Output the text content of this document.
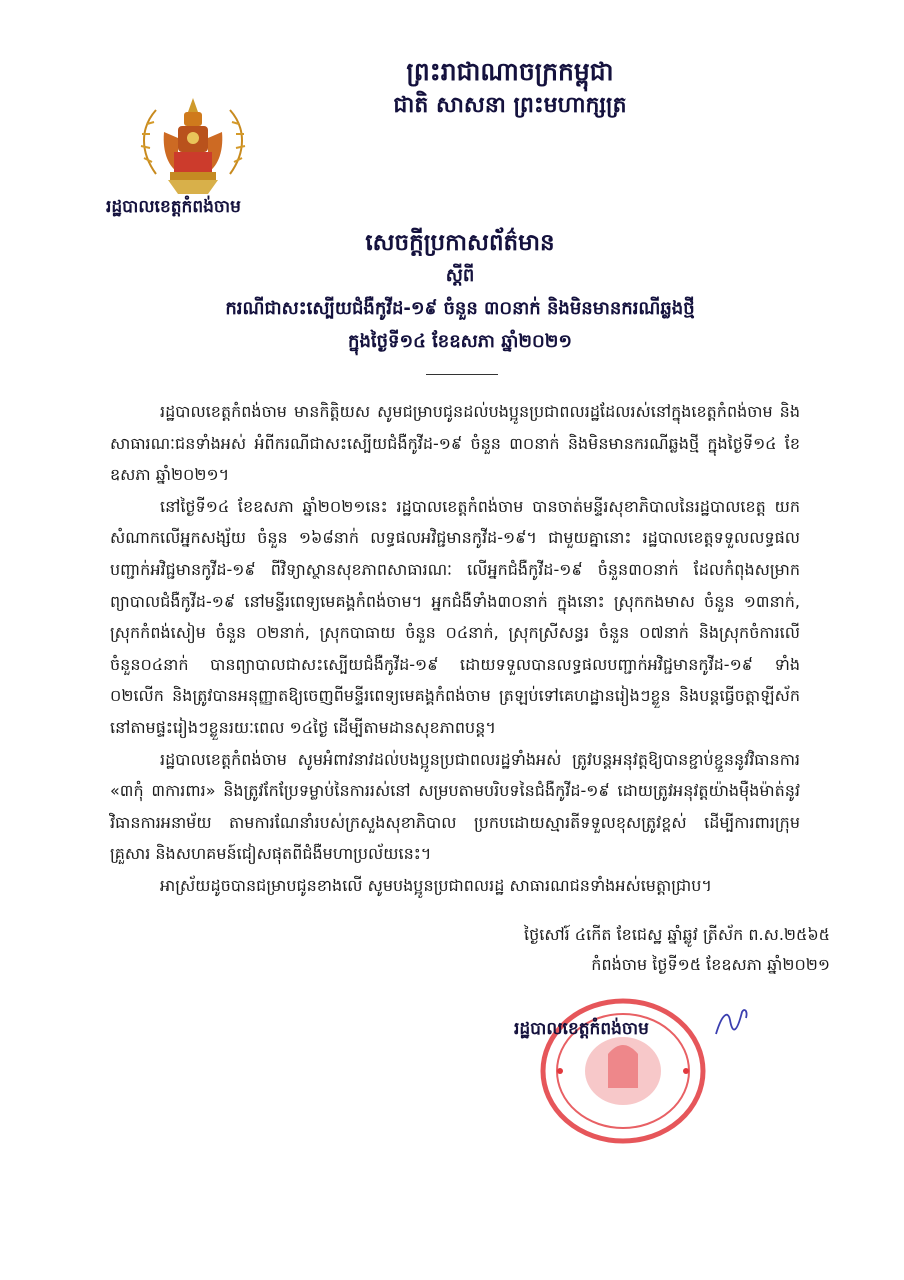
ព្រះរាជាណាចក្រកម្ពុជា
ជាតិ សាសនា ព្រះមហាក្សត្រ
រដ្ឋបាលខេត្តកំពង់ចាម
សេចក្តីប្រកាសព័ត៌មាន
ស្តីពី
ករណីជាសះស្បើយជំងឺកូវីដ-១៩ ចំនួន ៣០នាក់ និងមិនមានករណីឆ្លងថ្មី
ក្នុងថ្ងៃទី១៤ ខែឧសភា ឆ្នាំ២០២១

រដ្ឋបាលខេត្តកំពង់ចាម មានកិត្តិយស សូមជម្រាបជូនដល់បងប្អូនប្រជាពលរដ្ឋដែលរស់នៅក្នុងខេត្តកំពង់ចាម និងសាធារណៈជនទាំងអស់ អំពីករណីជាសះស្បើយជំងឺកូវីដ-១៩ ចំនួន ៣០នាក់ និងមិនមានករណីឆ្លងថ្មី ក្នុងថ្ងៃទី១៤ ខែឧសភា ឆ្នាំ២០២១។

នៅថ្ងៃទី១៤ ខែឧសភា ឆ្នាំ២០២១នេះ រដ្ឋបាលខេត្តកំពង់ចាម បានចាត់មន្ទីរសុខាភិបាលនៃរដ្ឋបាលខេត្ត យកសំណាកលើអ្នកសង្ស័យ ចំនួន ១៦៨នាក់ លទ្ធផលអវិជ្ជមានកូវីដ-១៩។ ជាមួយគ្នានោះ រដ្ឋបាលខេត្តទទួលលទ្ធផលបញ្ជាក់អវិជ្ជមានកូវីដ-១៩ ពីវិទ្យាស្ថានសុខភាពសាធារណៈ លើអ្នកជំងឺកូវីដ-១៩ ចំនួន៣០នាក់ ដែលកំពុងសម្រាកព្យាបាលជំងឺកូវីដ-១៩ នៅមន្ទីរពេទ្យមេគង្គកំពង់ចាម។ អ្នកជំងឺទាំង៣០នាក់ ក្នុងនោះ ស្រុកកងមាស ចំនួន ១៣នាក់, ស្រុកកំពង់សៀម ចំនួន ០២នាក់, ស្រុកបាធាយ ចំនួន ០៤នាក់, ស្រុកស្រីសន្ធរ ចំនួន ០៧នាក់ និងស្រុកចំការលើ ចំនួន០៤នាក់ បានព្យាបាលជាសះស្បើយជំងឺកូវីដ-១៩ ដោយទទួលបានលទ្ធផលបញ្ជាក់អវិជ្ជមានកូវីដ-១៩ ទាំង ០២លើក និងត្រូវបានអនុញ្ញាតឱ្យចេញពីមន្ទីរពេទ្យមេគង្គកំពង់ចាម ត្រឡប់ទៅគេហដ្ឋានរៀងៗខ្លួន និងបន្តធ្វើចត្តាឡីស័កនៅតាមផ្ទះរៀងៗខ្លួនរយៈពេល ១៤ថ្ងៃ ដើម្បីតាមដានសុខភាពបន្ត។

រដ្ឋបាលខេត្តកំពង់ចាម សូមអំពាវនាវដល់បងប្អូនប្រជាពលរដ្ឋទាំងអស់ ត្រូវបន្តអនុវត្តឱ្យបានខ្ជាប់ខ្ជួននូវវិធានការ «៣កុំ ៣ការពារ» និងត្រូវកែប្រែទម្លាប់នៃការរស់នៅ សម្របតាមបរិបទនៃជំងឺកូវីដ-១៩ ដោយត្រូវអនុវត្តយ៉ាងម៉ឺងម៉ាត់នូវវិធានការអនាម័យ តាមការណែនាំរបស់ក្រសួងសុខាភិបាល ប្រកបដោយស្មារតីទទួលខុសត្រូវខ្ពស់ ដើម្បីការពារក្រុមគ្រួសារ និងសហគមន៍ជៀសផុតពីជំងឺមហាប្រល័យនេះ។

អាស្រ័យដូចបានជម្រាបជូនខាងលើ សូមបងប្អូនប្រជាពលរដ្ឋ សាធារណជនទាំងអស់មេត្តាជ្រាប។

ថ្ងៃសៅរ៍ ៤កើត ខែជេស្ឋ ឆ្នាំឆ្លូវ ត្រីស័ក ព.ស.២៥៦៥
កំពង់ចាម ថ្ងៃទី១៥ ខែឧសភា ឆ្នាំ២០២១
រដ្ឋបាលខេត្តកំពង់ចាម
